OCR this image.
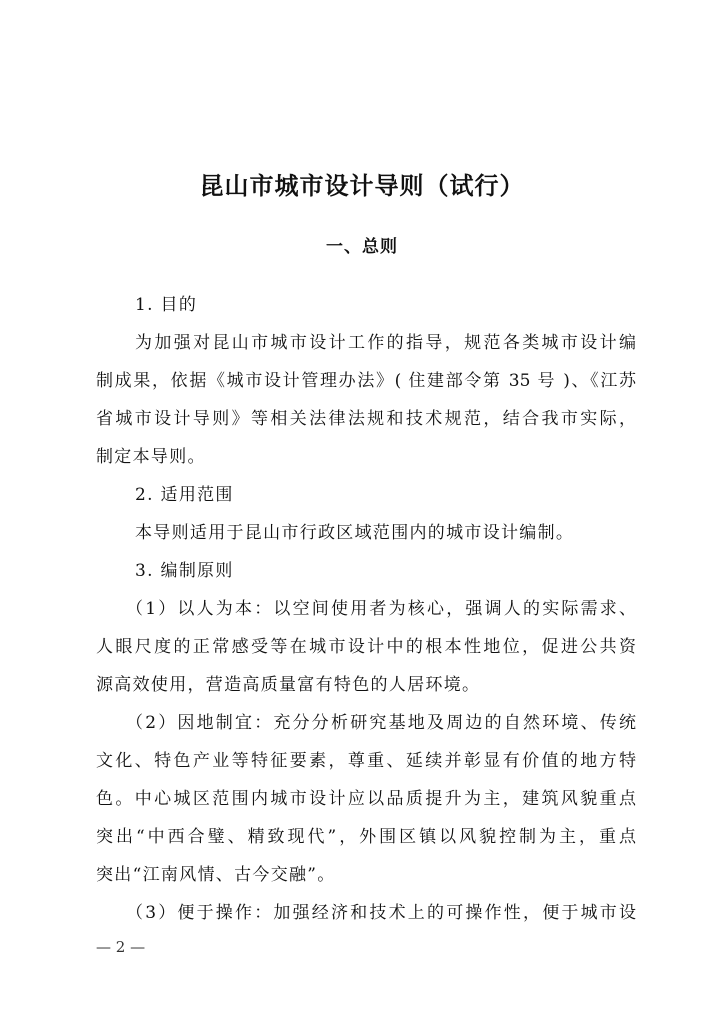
昆山市城市设计导则（试行）
一、总则
1. 目的
为加强对昆山市城市设计工作的指导，规范各类城市设计编
制成果，依据《城市设计管理办法》( 住建部令第 35 号 )、《江苏
省城市设计导则》等相关法律法规和技术规范，结合我市实际，
制定本导则。
2. 适用范围
本导则适用于昆山市行政区域范围内的城市设计编制。
3. 编制原则
（1）以人为本：以空间使用者为核心，强调人的实际需求、
人眼尺度的正常感受等在城市设计中的根本性地位，促进公共资
源高效使用，营造高质量富有特色的人居环境。
（2）因地制宜：充分分析研究基地及周边的自然环境、传统
文化、特色产业等特征要素，尊重、延续并彰显有价值的地方特
色。中心城区范围内城市设计应以品质提升为主，建筑风貌重点
突出“中西合璧、精致现代”，外围区镇以风貌控制为主，重点
突出“江南风情、古今交融”。
（3）便于操作：加强经济和技术上的可操作性，便于城市设
— 2 —
